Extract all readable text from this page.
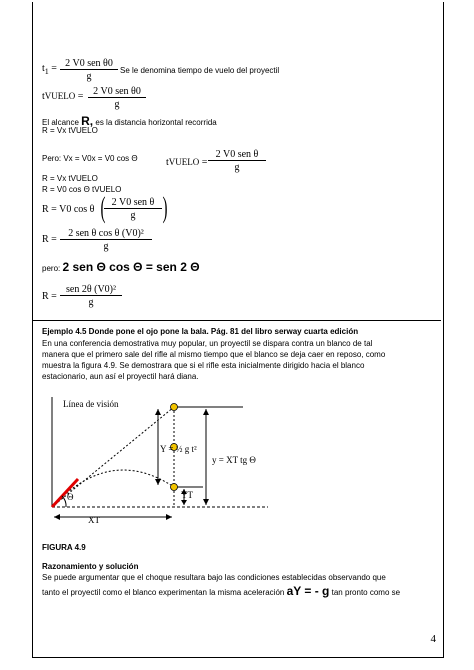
$t_1 = 2$ V0 sen θ0
g
Se le denomina tiempo de vuelo del proyectil
tVUELO = 2 V0 sen θ0
g
El alcance R, es la distancia horizontal recorrida
R = Vx tVUELO
Pero: Vx = V0x = V0 cos Θ	tVUELO =
2 V0 sen θ
g
R = Vx tVUELO
R = V0 cos Θ tVUELO
R = V0 cos θ ( 2 V0 sen θ
g )
R =
2 sen θ cos θ (V0)²
g
pero: 2 sen Θ cos Θ = sen 2 Θ
R =
sen 2θ (V0)²
g
Ejemplo 4.5 Donde pone el ojo pone la bala. Pág. 81 del libro serway cuarta edición
En una conferencia demostrativa muy popular, un proyectil se dispara contra un blanco de tal
manera que el primero sale del rifle al mismo tiempo que el blanco se deja caer en reposo, como
muestra la figura 4.9. Se demostrara que si el rifle esta inicialmente dirigido hacia el blanco
estacionario, aun así el proyectil hará diana.
Línea de visión
Y = ½ g t²
y = XT tg Θ
YT
Θ
XT
FIGURA 4.9
Razonamiento y solución
Se puede argumentar que el choque resultara bajo las condiciones establecidas observando que
tanto el proyectil como el blanco experimentan la misma aceleración aY = - g tan pronto como se
4
